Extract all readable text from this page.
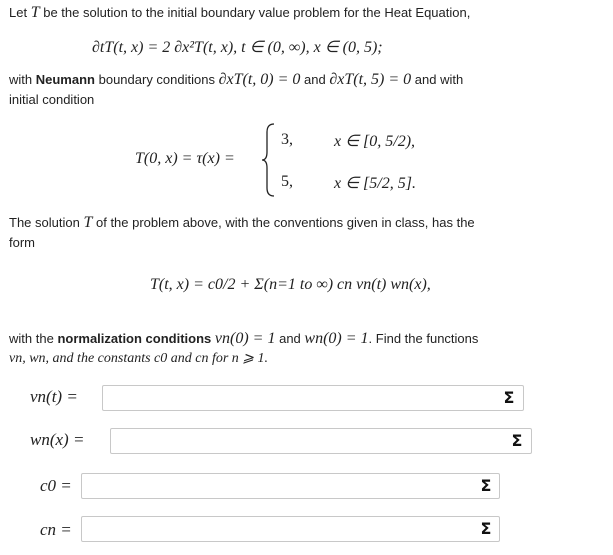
Let T be the solution to the initial boundary value problem for the Heat Equation,
∂tT(t, x) = 2 ∂x²T(t, x), t ∈ (0, ∞), x ∈ (0, 5);
with Neumann boundary conditions ∂xT(t, 0) = 0 and ∂xT(t, 5) = 0 and with
initial condition
T(0, x) = τ(x) =
3,	x ∈ [0, 5/2),
5,	x ∈ [5/2, 5].
The solution T of the problem above, with the conventions given in class, has the
form
T(t, x) = c0/2 + Σ(n=1 to ∞) cn vn(t) wn(x),
with the normalization conditions vn(0) = 1 and wn(0) = 1. Find the functions
vn, wn, and the constants c0 and cn for n ⩾ 1.
vn(t) =	Σ
wn(x) =	Σ
c0 =	Σ
cn =	Σ
